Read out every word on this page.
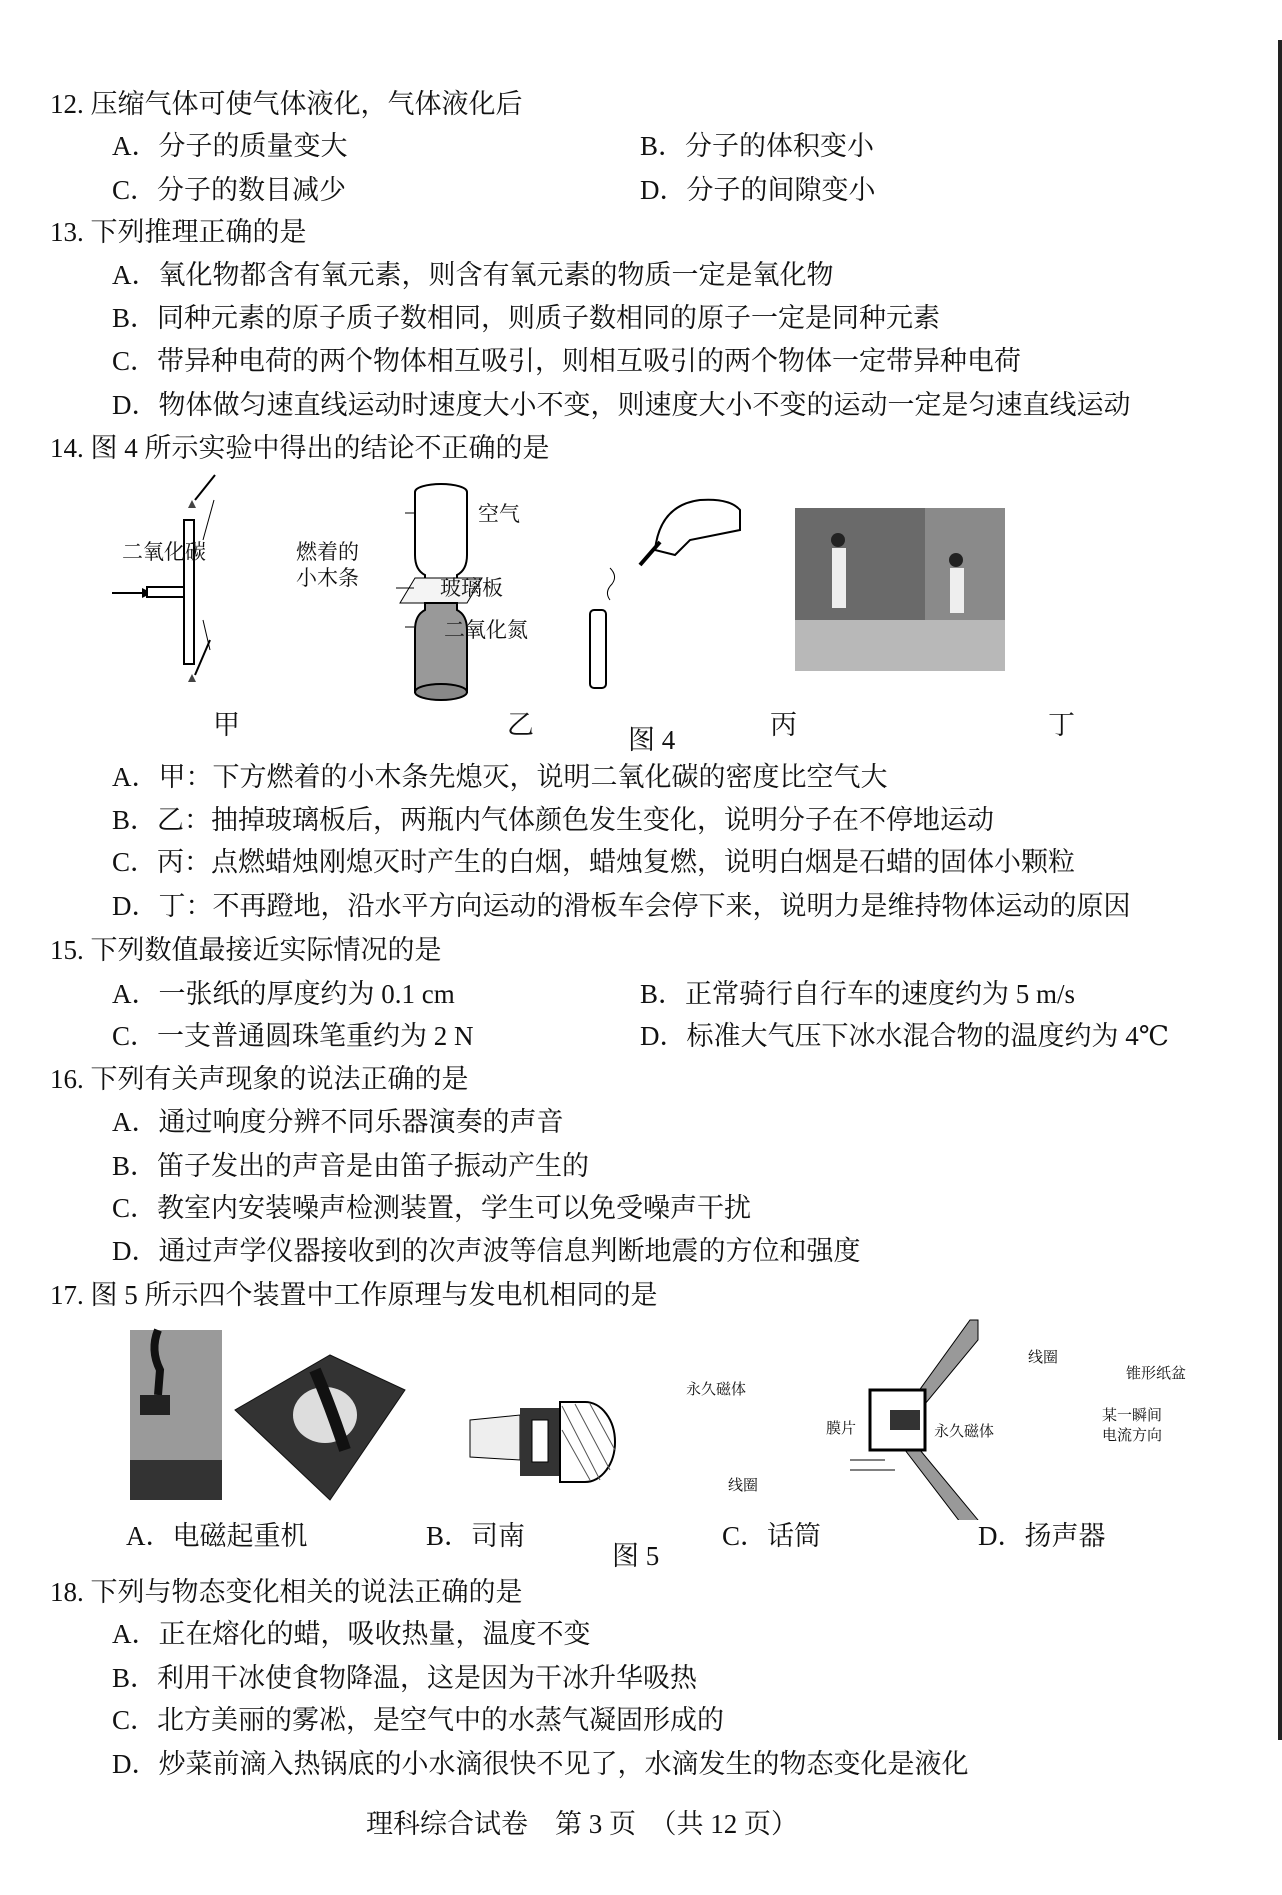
12. 压缩气体可使气体液化，气体液化后
A．分子的质量变大	B．分子的体积变小
C．分子的数目减少	D．分子的间隙变小
13. 下列推理正确的是
A．氧化物都含有氧元素，则含有氧元素的物质一定是氧化物
B．同种元素的原子质子数相同，则质子数相同的原子一定是同种元素
C．带异种电荷的两个物体相互吸引，则相互吸引的两个物体一定带异种电荷
D．物体做匀速直线运动时速度大小不变，则速度大小不变的运动一定是匀速直线运动
14. 图 4 所示实验中得出的结论不正确的是
二氧化碳	燃着的
小木条
空气
玻璃板
二氧化氮
甲	乙	丙	丁
图 4
A．甲：下方燃着的小木条先熄灭，说明二氧化碳的密度比空气大
B．乙：抽掉玻璃板后，两瓶内气体颜色发生变化，说明分子在不停地运动
C．丙：点燃蜡烛刚熄灭时产生的白烟，蜡烛复燃，说明白烟是石蜡的固体小颗粒
D．丁：不再蹬地，沿水平方向运动的滑板车会停下来，说明力是维持物体运动的原因
15. 下列数值最接近实际情况的是
A．一张纸的厚度约为 0.1 cm	B．正常骑行自行车的速度约为 5 m/s
C．一支普通圆珠笔重约为 2 N	D．标准大气压下冰水混合物的温度约为 4℃
16. 下列有关声现象的说法正确的是
A．通过响度分辨不同乐器演奏的声音
B．笛子发出的声音是由笛子振动产生的
C．教室内安装噪声检测装置，学生可以免受噪声干扰
D．通过声学仪器接收到的次声波等信息判断地震的方位和强度
17. 图 5 所示四个装置中工作原理与发电机相同的是
永久磁体
膜片
线圈
线圈
锥形纸盆
永久磁体
某一瞬间
电流方向
A．电磁起重机	B．司南	C．话筒	D．扬声器
图 5
18. 下列与物态变化相关的说法正确的是
A．正在熔化的蜡，吸收热量，温度不变
B．利用干冰使食物降温，这是因为干冰升华吸热
C．北方美丽的雾凇，是空气中的水蒸气凝固形成的
D．炒菜前滴入热锅底的小水滴很快不见了，水滴发生的物态变化是液化
理科综合试卷　第 3 页　（共 12 页）
